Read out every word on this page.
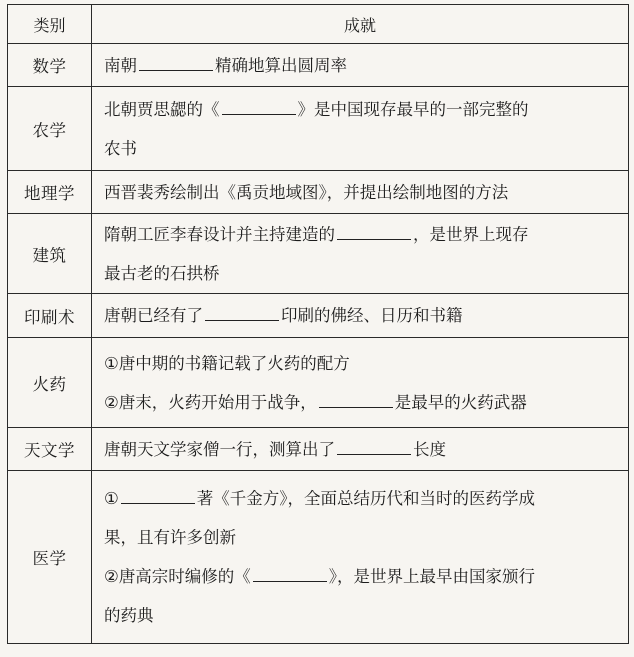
类别	成就
数学	南朝 精确地算出圆周率

农学	北朝贾思勰的《 》是中国现存最早的一部完整的
农书

地理学	西晋裴秀绘制出《禹贡地域图》，并提出绘制地图的方法

建筑	隋朝工匠李春设计并主持建造的 ，是世界上现存
最古老的石拱桥

印刷术	唐朝已经有了 印刷的佛经、日历和书籍

火药	①唐中期的书籍记载了火药的配方
②唐末，火药开始用于战争， 是最早的火药武器

天文学	唐朝天文学家僧一行，测算出了 长度

医学	① 著《千金方》，全面总结历代和当时的医药学成
果，且有许多创新
②唐高宗时编修的《 》，是世界上最早由国家颁行
的药典
